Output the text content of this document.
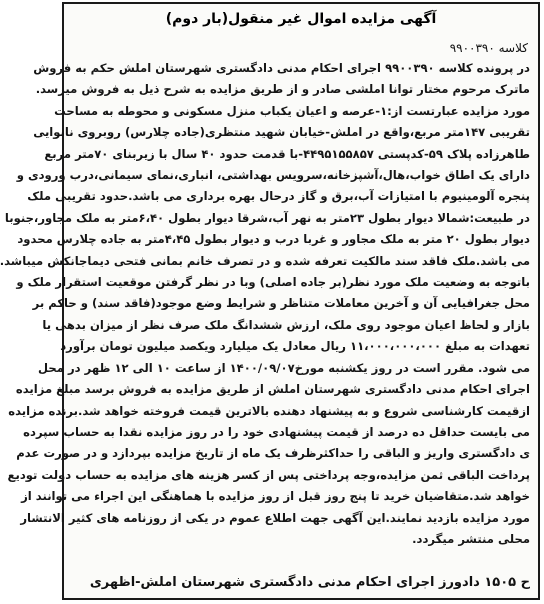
آگهی مزایده اموال غیر منقول(بار دوم)
کلاسه ۹۹۰۰۳۹۰
در پرونده کلاسه ۹۹۰۰۳۹۰ اجرای احکام مدنی دادگستری شهرستان املش حکم به فروش
ماترک مرحوم مختار توانا املشی صادر و از طریق مزایده به شرح ذیل به فروش میرسد.
مورد مزایده عبارتست از:۱-عرصه و اعیان یکباب منزل مسکونی و محوطه به مساحت
تقریبی ۱۴۷متر مربع،واقع در املش-خیابان شهید منتظری(جاده چلارس) روبروی نانوایی
طاهرزاده پلاک ۵۹-کدپستی ۴۴۹۵۱۵۵۸۵۷-با قدمت حدود ۴۰ سال با زیربنای ۷۰متر مربع
دارای یک اطاق خواب،هال،آشپزخانه،سرویس بهداشتی، انباری،نمای سیمانی،درب ورودی و
پنجره آلومینیوم با امتیازات آب،برق و گاز درحال بهره برداری می باشد.حدود تقریبی ملک
در طبیعت:شمالا دیوار بطول ۲۳متر به نهر آب،شرقا دیوار بطول ۶،۴۰متر به ملک مجاور،جنوبا
دیوار بطول ۲۰ متر به ملک مجاور و غربا درب و دیوار بطول ۴،۴۵متر به جاده چلارس محدود
می باشد.ملک فاقد سند مالکیت تعرفه شده و در تصرف خانم بمانی فتحی دیماجانکش میباشد.
باتوجه به وضعیت ملک مورد نظر(بر جاده اصلی) وبا در نظر گرفتن موقعیت استقرار ملک و
محل جغرافیایی آن و آخرین معاملات متناظر و شرایط وضع موجود(فاقد سند) و حاکم بر
بازار و لحاظ اعیان موجود روی ملک، ارزش ششدانگ ملک صرف نظر از میزان بدهی یا
تعهدات به مبلغ ۱۱،۰۰۰،۰۰۰،۰۰۰ ریال معادل یک میلیارد ویکصد میلیون تومان برآورد
می شود. مقرر است در روز یکشنبه مورخ۱۴۰۰/۰۹/۰۷ از ساعت ۱۰ الی ۱۲ ظهر در محل
اجرای احکام مدنی دادگستری شهرستان املش از طریق مزایده به فروش برسد مبلغ مزایده
ازقیمت کارشناسی شروع و به پیشنهاد دهنده بالاترین قیمت فروخته خواهد شد.برنده مزایده
می بایست حداقل ده درصد از قیمت پیشنهادی خود را در روز مزایده نقدا به حساب سپرده
ی دادگستری واریز و الباقی را حداکثرظرف یک ماه از تاریخ مزایده بپردازد و در صورت عدم
پرداخت الباقی ثمن مزایده،وجه پرداختی پس از کسر هزینه های مزایده به حساب دولت تودیع
خواهد شد.متقاضیان خرید تا پنج روز قبل از روز مزایده با هماهنگی این اجراء می توانند از
مورد مزایده بازدید نمایند.این آگهی جهت اطلاع عموم در یکی از روزنامه های کثیر الانتشار
محلی منتشر میگردد.
ح ۱۵۰۵ دادورز اجرای احکام مدنی دادگستری شهرستان املش-اظهری
